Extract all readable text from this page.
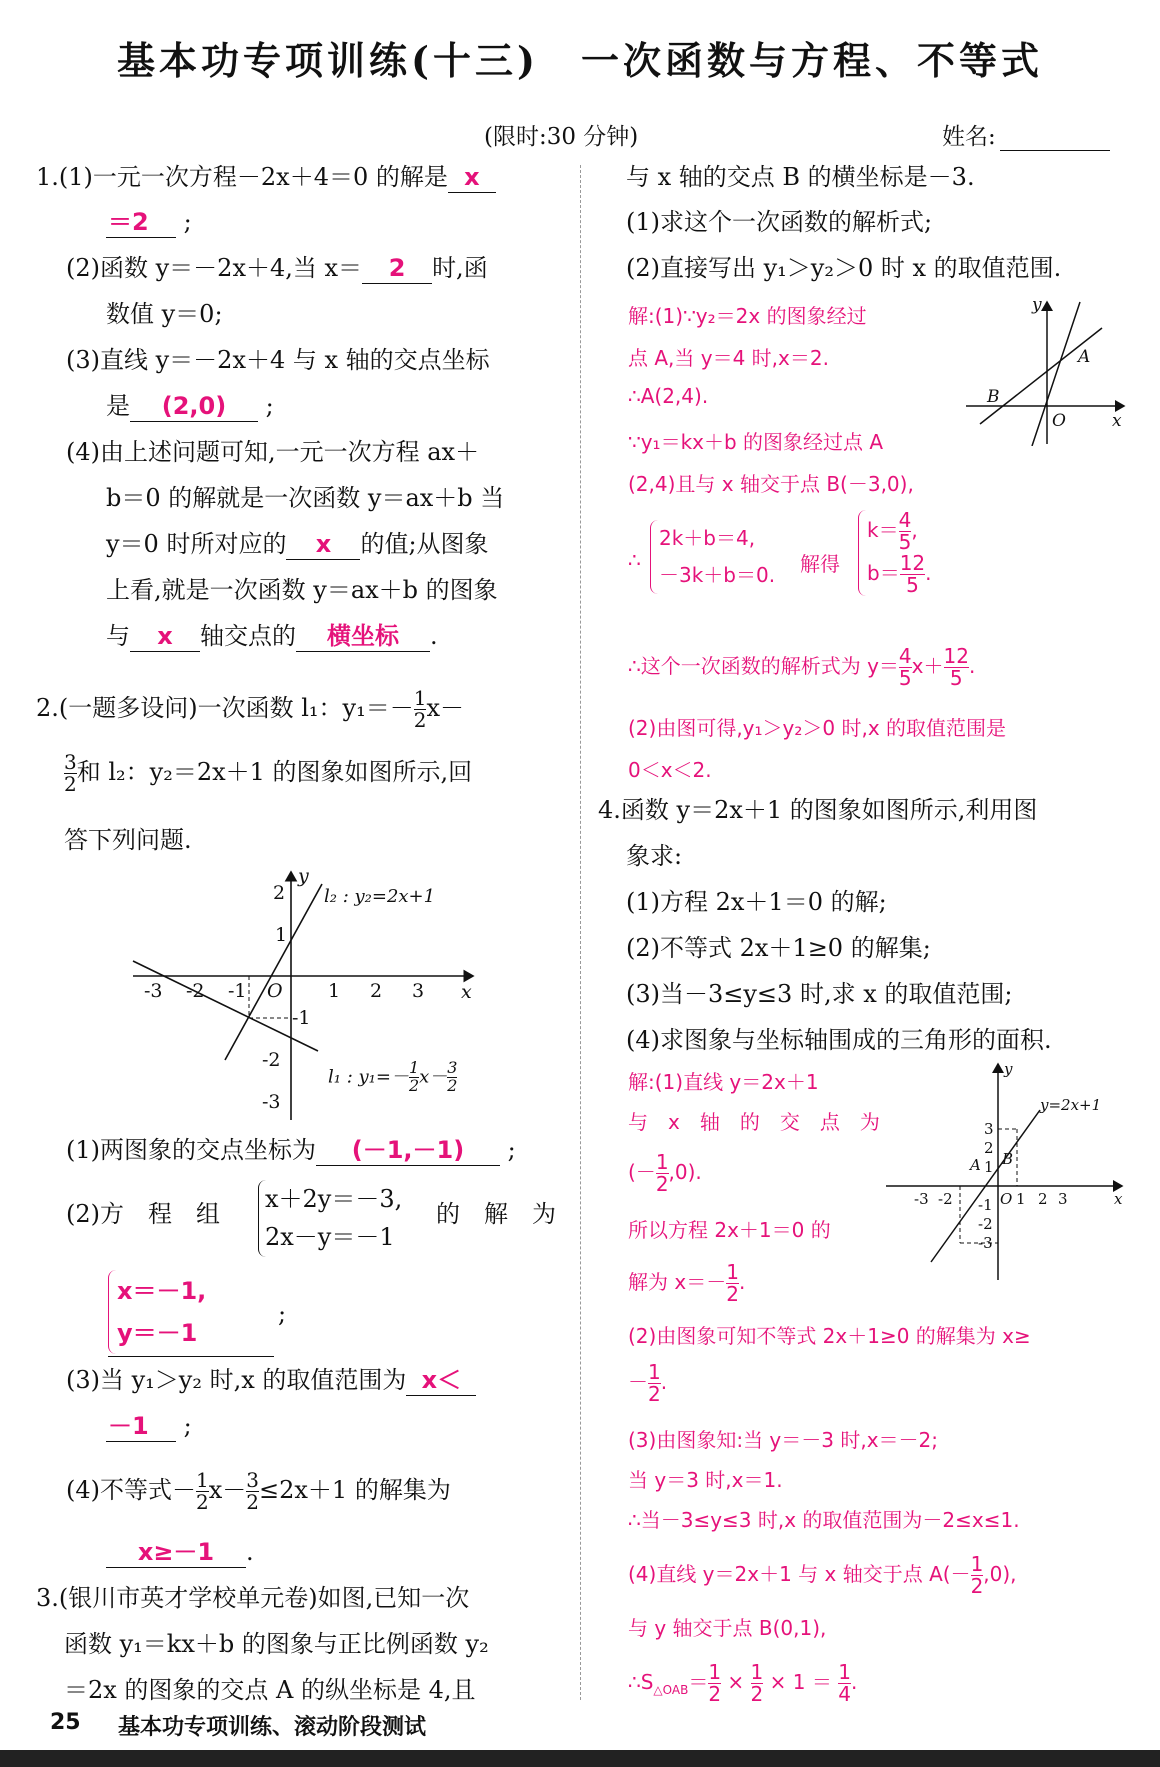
基本功专项训练(十三)　一次函数与方程、不等式
(限时:30 分钟)	姓名:
1.(1)一元一次方程－2x＋4＝0 的解是 x
＝2 ;
(2)函数 y＝－2x＋4,当 x＝ 2 时,函
数值 y＝0;
(3)直线 y＝－2x＋4 与 x 轴的交点坐标
是 (2,0) ;
(4)由上述问题可知,一元一次方程 ax＋
b＝0 的解就是一次函数 y＝ax＋b 当
y＝0 时所对应的 x 的值;从图象
上看,就是一次函数 y＝ax＋b 的图象
与 x 轴交点的 横坐标 .
2.(一题多设问)一次函数 l₁：$y_1=-\frac{1}{2} x-$
$\frac{3}{2}$ 和 l₂：y₂＝2x＋1 的图象如图所示,回
答下列问题.
-3 -2 -1 O 1 2 3 x
y
2
1
-1
-2
-3
l₂ : y₂=2x+1
l₁ : $y_1=-\frac{1}{2} x-\frac{3}{2}$
(1)两图象的交点坐标为 (－1,－1) ;
(2)方　程　组
x＋2y＝－3,
2x－y＝－1
的　解　为
x＝－1,
y＝－1
;
(3)当 y₁＞y₂ 时,x 的取值范围为 x＜
－1 ;
(4)不等式$-\frac{1}{2} x-\frac{3}{2} \le 2x+1$ 的解集为
x≥－1 .
3.(银川市英才学校单元卷)如图,已知一次
函数 y₁＝kx＋b 的图象与正比例函数 y₂
＝2x 的图象的交点 A 的纵坐标是 4,且
与 x 轴的交点 B 的横坐标是－3.
(1)求这个一次函数的解析式;
(2)直接写出 y₁＞y₂＞0 时 x 的取值范围.
解:(1)∵y₂＝2x 的图象经过
点 A,当 y＝4 时,x＝2.
∴A(2,4).
∵y₁＝kx＋b 的图象经过点 A
(2,4)且与 x 轴交于点 B(－3,0),
y
A
B
O	x
∴
2k＋b＝4,
－3k＋b＝0. 解得
$k=\frac{4}{5}$ ,
$b=\frac{12}{5}$ .
∴这个一次函数的解析式为 $y=\frac{4}{5} x+\frac{12}{5}$ .
(2)由图可得,y₁＞y₂＞0 时,x 的取值范围是
0＜x＜2.
4.函数 y＝2x＋1 的图象如图所示,利用图
象求:
(1)方程 2x＋1＝0 的解;
(2)不等式 2x＋1≥0 的解集;
(3)当－3≤y≤3 时,求 x 的取值范围;
(4)求图象与坐标轴围成的三角形的面积.
解:(1)直线 y＝2x＋1
与　x　轴　的　交　点　为
$(-\frac{1}{2} ,0)$.
所以方程 2x＋1＝0 的
解为 $x=-\frac{1}{2}$ .
y
x
3
2
1
-1
-2
-3
-3 -2	1 2 3
O
A B
y=2x+1
(2)由图象可知不等式 2x＋1≥0 的解集为 x≥
$-\frac{1}{2}$ .
(3)由图象知:当 y＝－3 时,x＝－2;
当 y＝3 时,x＝1.
∴当－3≤y≤3 时,x 的取值范围为－2≤x≤1.
(4)直线 y＝2x＋1 与 x 轴交于点 $A(-\frac{1}{2} ,0)$,
与 y 轴交于点 B(0,1),
$\therefore S_{\triangle OAB}=1$

2 × 1

2 × 1 ＝ 1

4 .
25 基本功专项训练、滚动阶段测试
